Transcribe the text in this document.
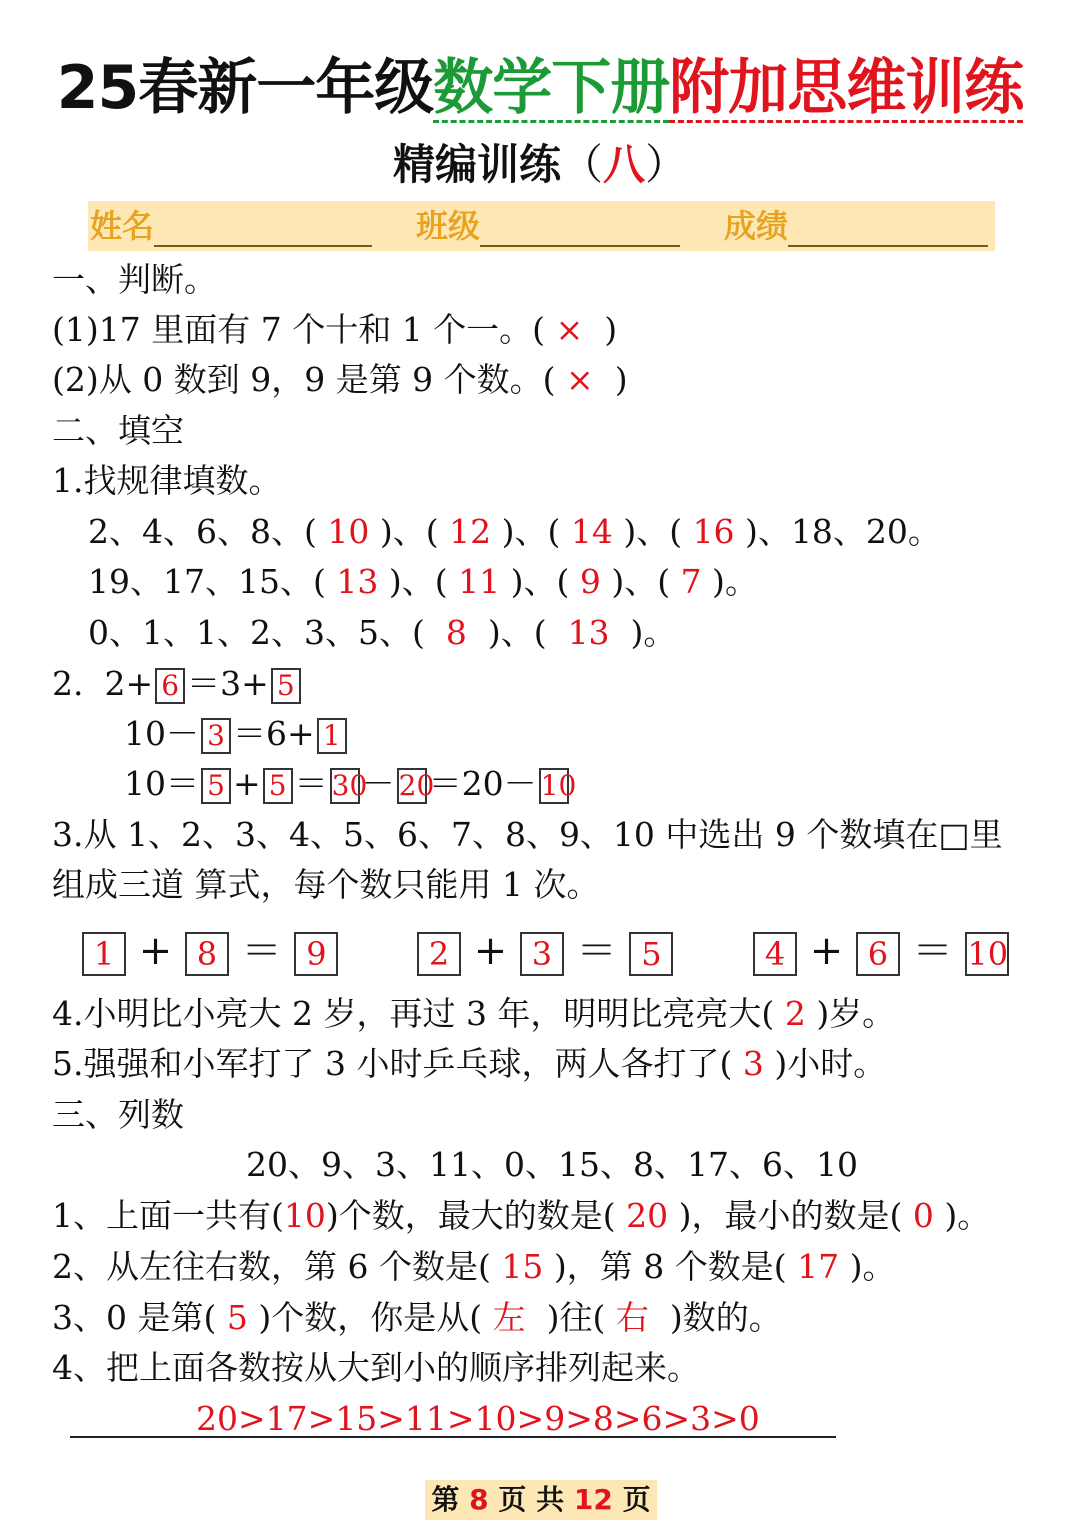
25春新一年级数学下册附加思维训练
精编训练（八）
姓名	班级	成绩
一、判断。
(1)17 里面有 7 个十和 1 个一。( × )
(2)从 0 数到 9，9 是第 9 个数。( × )
二、填空
1.找规律填数。
2、4、6、8、( 10 )、( 12 )、( 14 )、( 16 )、18、20。
19、17、15、( 13 )、( 11 )、( 9 )、( 7 )。
0、1、1、2、3、5、(  8  )、(  13  )。
2. 2+ 6 ＝3+ 5
10－ 3 ＝6+ 1
10＝ 5 + 5 ＝ 30－ 20＝20－ 10
3.从 1、2、3、4、5、6、7、8、9、10 中选出 9 个数填在□里
组成三道 算式，每个数只能用 1 次。
1 + 8 ＝ 9	2 + 3 ＝ 5	4 + 6 ＝ 10
4.小明比小亮大 2 岁，再过 3 年，明明比亮亮大( 2 )岁。
5.强强和小军打了 3 小时乒乓球，两人各打了( 3 )小时。
三、列数
20、9、3、11、0、15、8、17、6、10
1、上面一共有(10)个数，最大的数是( 20 )，最小的数是( 0 )。
2、从左往右数，第 6 个数是( 15 )，第 8 个数是( 17 )。
3、0 是第( 5 )个数，你是从( 左 )往( 右 )数的。
4、把上面各数按从大到小的顺序排列起来。
20>17>15>11>10>9>8>6>3>0
第 8 页 共 12 页
